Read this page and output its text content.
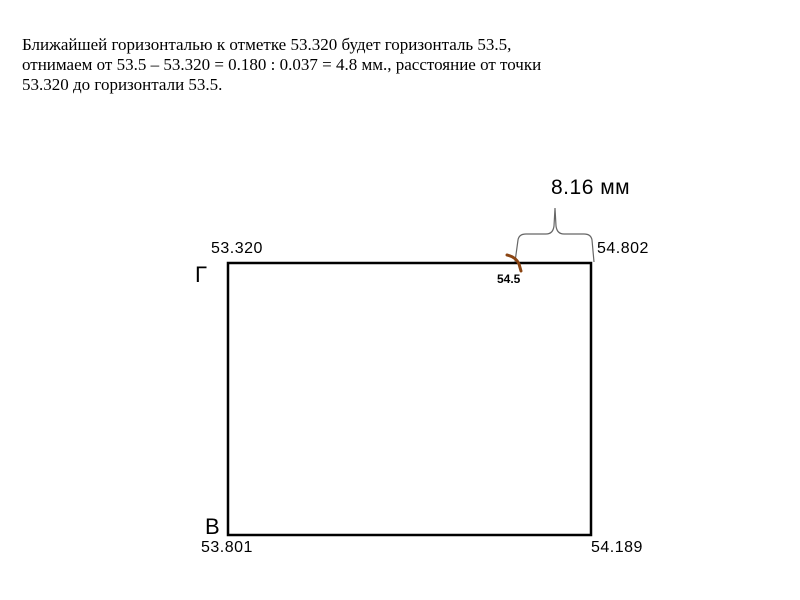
Ближайшей горизонталью к отметке 53.320 будет горизонталь 53.5,
отнимаем от 53.5 – 53.320 = 0.180 : 0.037 = 4.8 мм., расстояние от точки
53.320 до горизонтали 53.5.
8.16 мм
54.5
53.320	54.802
53.801	54.189
Г
В
